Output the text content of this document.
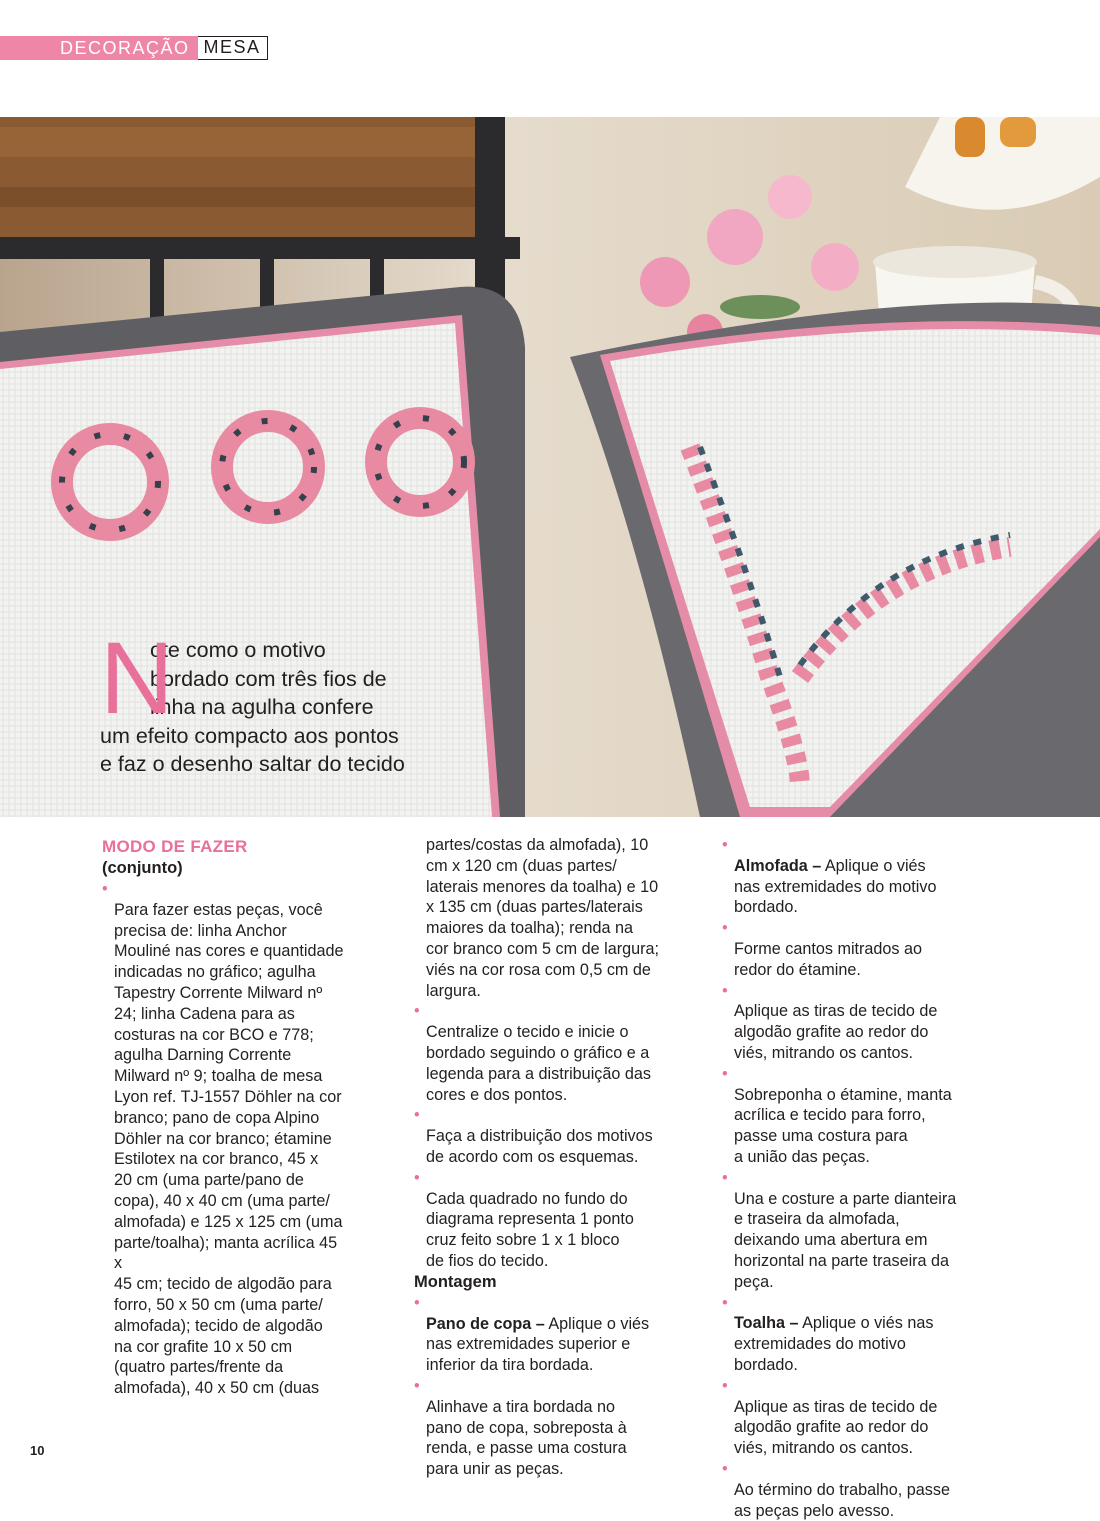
DECORAÇÃO MESA
N
ote como o motivo
bordado com três fios de
linha na agulha confere
um efeito compacto aos pontos
e faz o desenho saltar do tecido
MODO DE FAZER
(conjunto)

•
Para fazer estas peças, você
precisa de: linha Anchor
Mouliné nas cores e quantidade
indicadas no gráfico; agulha
Tapestry Corrente Milward nº
24; linha Cadena para as
costuras na cor BCO e 778;
agulha Darning Corrente
Milward nº 9; toalha de mesa
Lyon ref. TJ-1557 Döhler na cor
branco; pano de copa Alpino
Döhler na cor branco; étamine
Estilotex na cor branco, 45 x
20 cm (uma parte/pano de
copa), 40 x 40 cm (uma parte/
almofada) e 125 x 125 cm (uma
parte/toalha); manta acrílica 45
x
45 cm; tecido de algodão para
forro, 50 x 50 cm (uma parte/
almofada); tecido de algodão
na cor grafite 10 x 50 cm
(quatro partes/frente da
almofada), 40 x 50 cm (duas

partes/costas da almofada), 10
cm x 120 cm (duas partes/
laterais menores da toalha) e 10
x 135 cm (duas partes/laterais
maiores da toalha); renda na
cor branco com 5 cm de largura;
viés na cor rosa com 0,5 cm de
largura.

•
Centralize o tecido e inicie o
bordado seguindo o gráfico e a
legenda para a distribuição das
cores e dos pontos.

•
Faça a distribuição dos motivos
de acordo com os esquemas.

•
Cada quadrado no fundo do
diagrama representa 1 ponto
cruz feito sobre 1 x 1 bloco
de fios do tecido.

Montagem

•
Pano de copa – Aplique o viés
nas extremidades superior e
inferior da tira bordada.

•
Alinhave a tira bordada no
pano de copa, sobreposta à
renda, e passe uma costura
para unir as peças.

•
Almofada – Aplique o viés
nas extremidades do motivo
bordado.

•
Forme cantos mitrados ao
redor do étamine.

•
Aplique as tiras de tecido de
algodão grafite ao redor do
viés, mitrando os cantos.

•
Sobreponha o étamine, manta
acrílica e tecido para forro,
passe uma costura para
a união das peças.

•
Una e costure a parte dianteira
e traseira da almofada,
deixando uma abertura em
horizontal na parte traseira da
peça.

•
Toalha – Aplique o viés nas
extremidades do motivo
bordado.

•
Aplique as tiras de tecido de
algodão grafite ao redor do
viés, mitrando os cantos.

•
Ao término do trabalho, passe
as peças pelo avesso.

10
